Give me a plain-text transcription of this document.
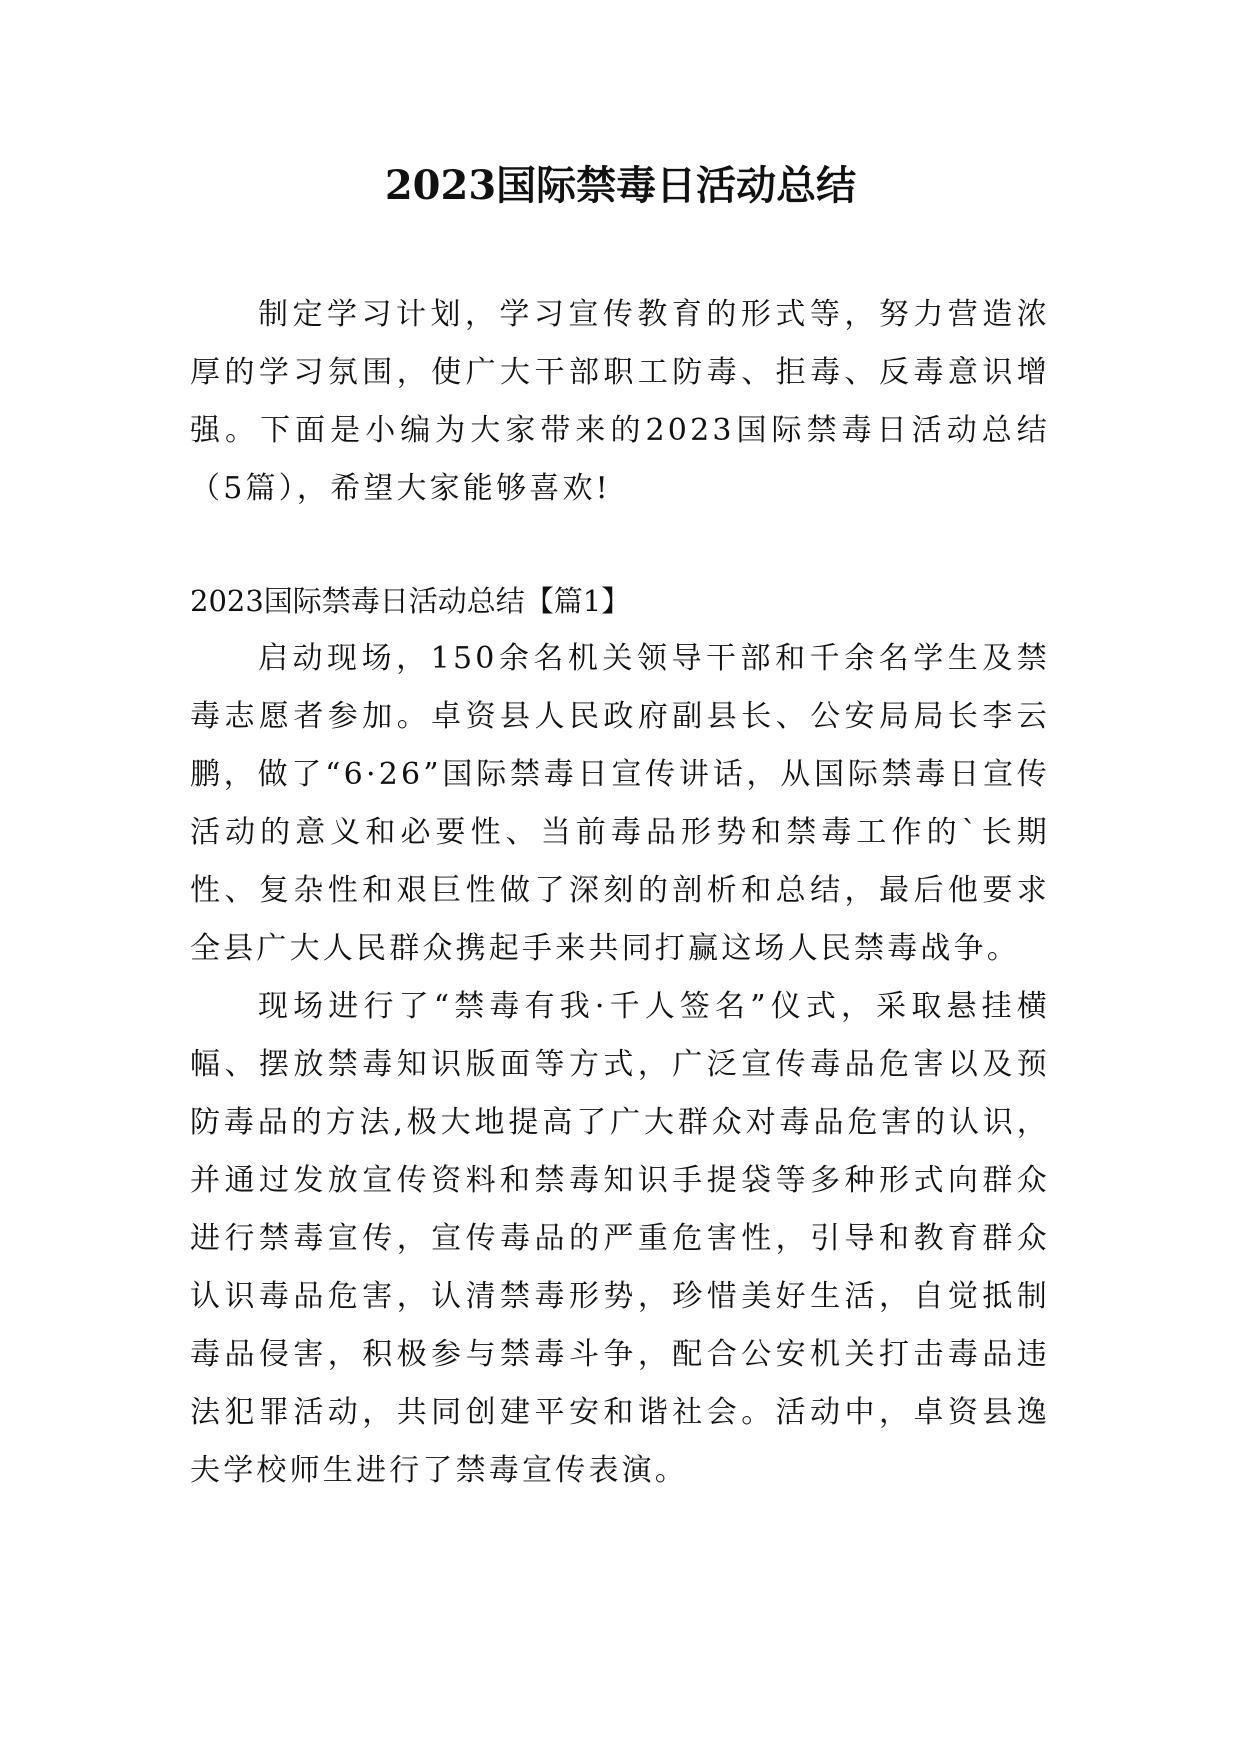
2023国际禁毒日活动总结

制定学习计划，学习宣传教育的形式等，努力营造浓厚的学习氛围，使广大干部职工防毒、拒毒、反毒意识增强。下面是小编为大家带来的2023国际禁毒日活动总结（5篇），希望大家能够喜欢!

2023国际禁毒日活动总结【篇1】

启动现场，150余名机关领导干部和千余名学生及禁毒志愿者参加。卓资县人民政府副县长、公安局局长李云鹏，做了“6·26”国际禁毒日宣传讲话，从国际禁毒日宣传活动的意义和必要性、当前毒品形势和禁毒工作的`长期性、复杂性和艰巨性做了深刻的剖析和总结，最后他要求全县广大人民群众携起手来共同打赢这场人民禁毒战争。

现场进行了“禁毒有我·千人签名”仪式，采取悬挂横幅、摆放禁毒知识版面等方式，广泛宣传毒品危害以及预防毒品的方法,极大地提高了广大群众对毒品危害的认识，并通过发放宣传资料和禁毒知识手提袋等多种形式向群众进行禁毒宣传，宣传毒品的严重危害性，引导和教育群众认识毒品危害，认清禁毒形势，珍惜美好生活，自觉抵制毒品侵害，积极参与禁毒斗争，配合公安机关打击毒品违法犯罪活动，共同创建平安和谐社会。活动中，卓资县逸夫学校师生进行了禁毒宣传表演。
